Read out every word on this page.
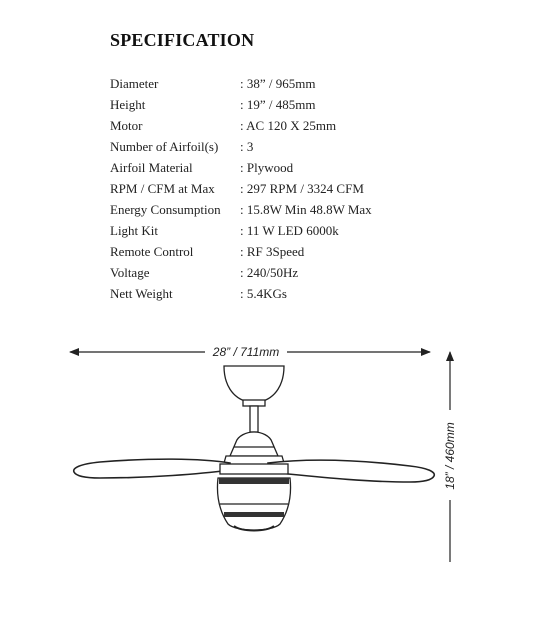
SPECIFICATION
Diameter	: 38” / 965mm
Height	: 19” / 485mm
Motor	: AC 120 X 25mm
Number of Airfoil(s)	: 3
Airfoil Material	: Plywood
RPM / CFM at Max	: 297 RPM / 3324 CFM
Energy Consumption	: 15.8W Min 48.8W Max
Light Kit	: 11 W LED 6000k
Remote Control	: RF 3Speed
Voltage	: 240/50Hz
Nett Weight	: 5.4KGs
28” / 711mm
18” / 460mm
